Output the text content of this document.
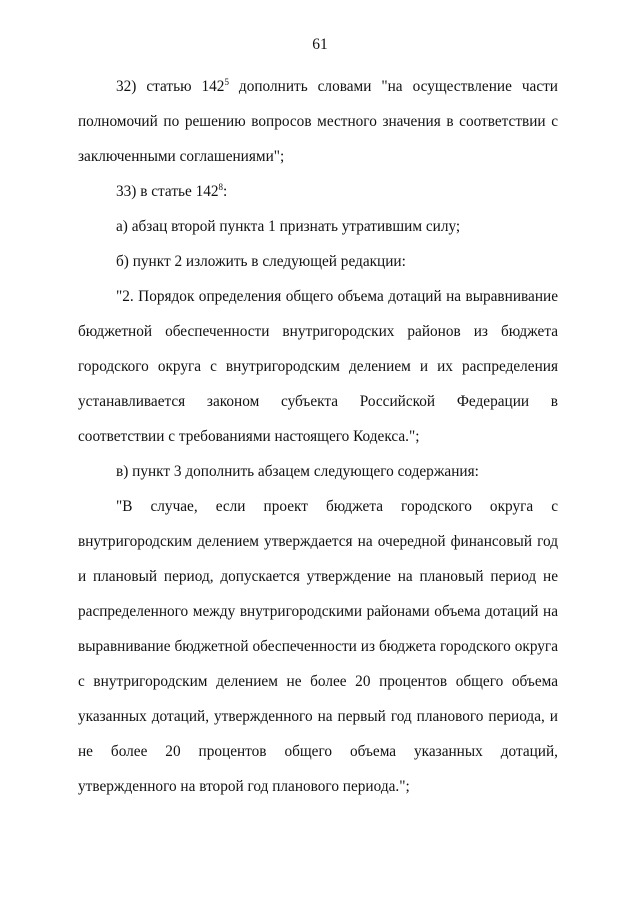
61

32) статью $142^5$ дополнить словами "на осуществление части полномочий по решению вопросов местного значения в соответствии с заключенными соглашениями";

33) в статье $142^8$:

а) абзац второй пункта 1 признать утратившим силу;

б) пункт 2 изложить в следующей редакции:

"2. Порядок определения общего объема дотаций на выравнивание бюджетной обеспеченности внутригородских районов из бюджета городского округа с внутригородским делением и их распределения устанавливается законом субъекта Российской Федерации в соответствии с требованиями настоящего Кодекса.";

в) пункт 3 дополнить абзацем следующего содержания:

"В случае, если проект бюджета городского округа с внутригородским делением утверждается на очередной финансовый год и плановый период, допускается утверждение на плановый период не распределенного между внутригородскими районами объема дотаций на выравнивание бюджетной обеспеченности из бюджета городского округа с внутригородским делением не более 20 процентов общего объема указанных дотаций, утвержденного на первый год планового периода, и не более 20 процентов общего объема указанных дотаций, утвержденного на второй год планового периода.";
